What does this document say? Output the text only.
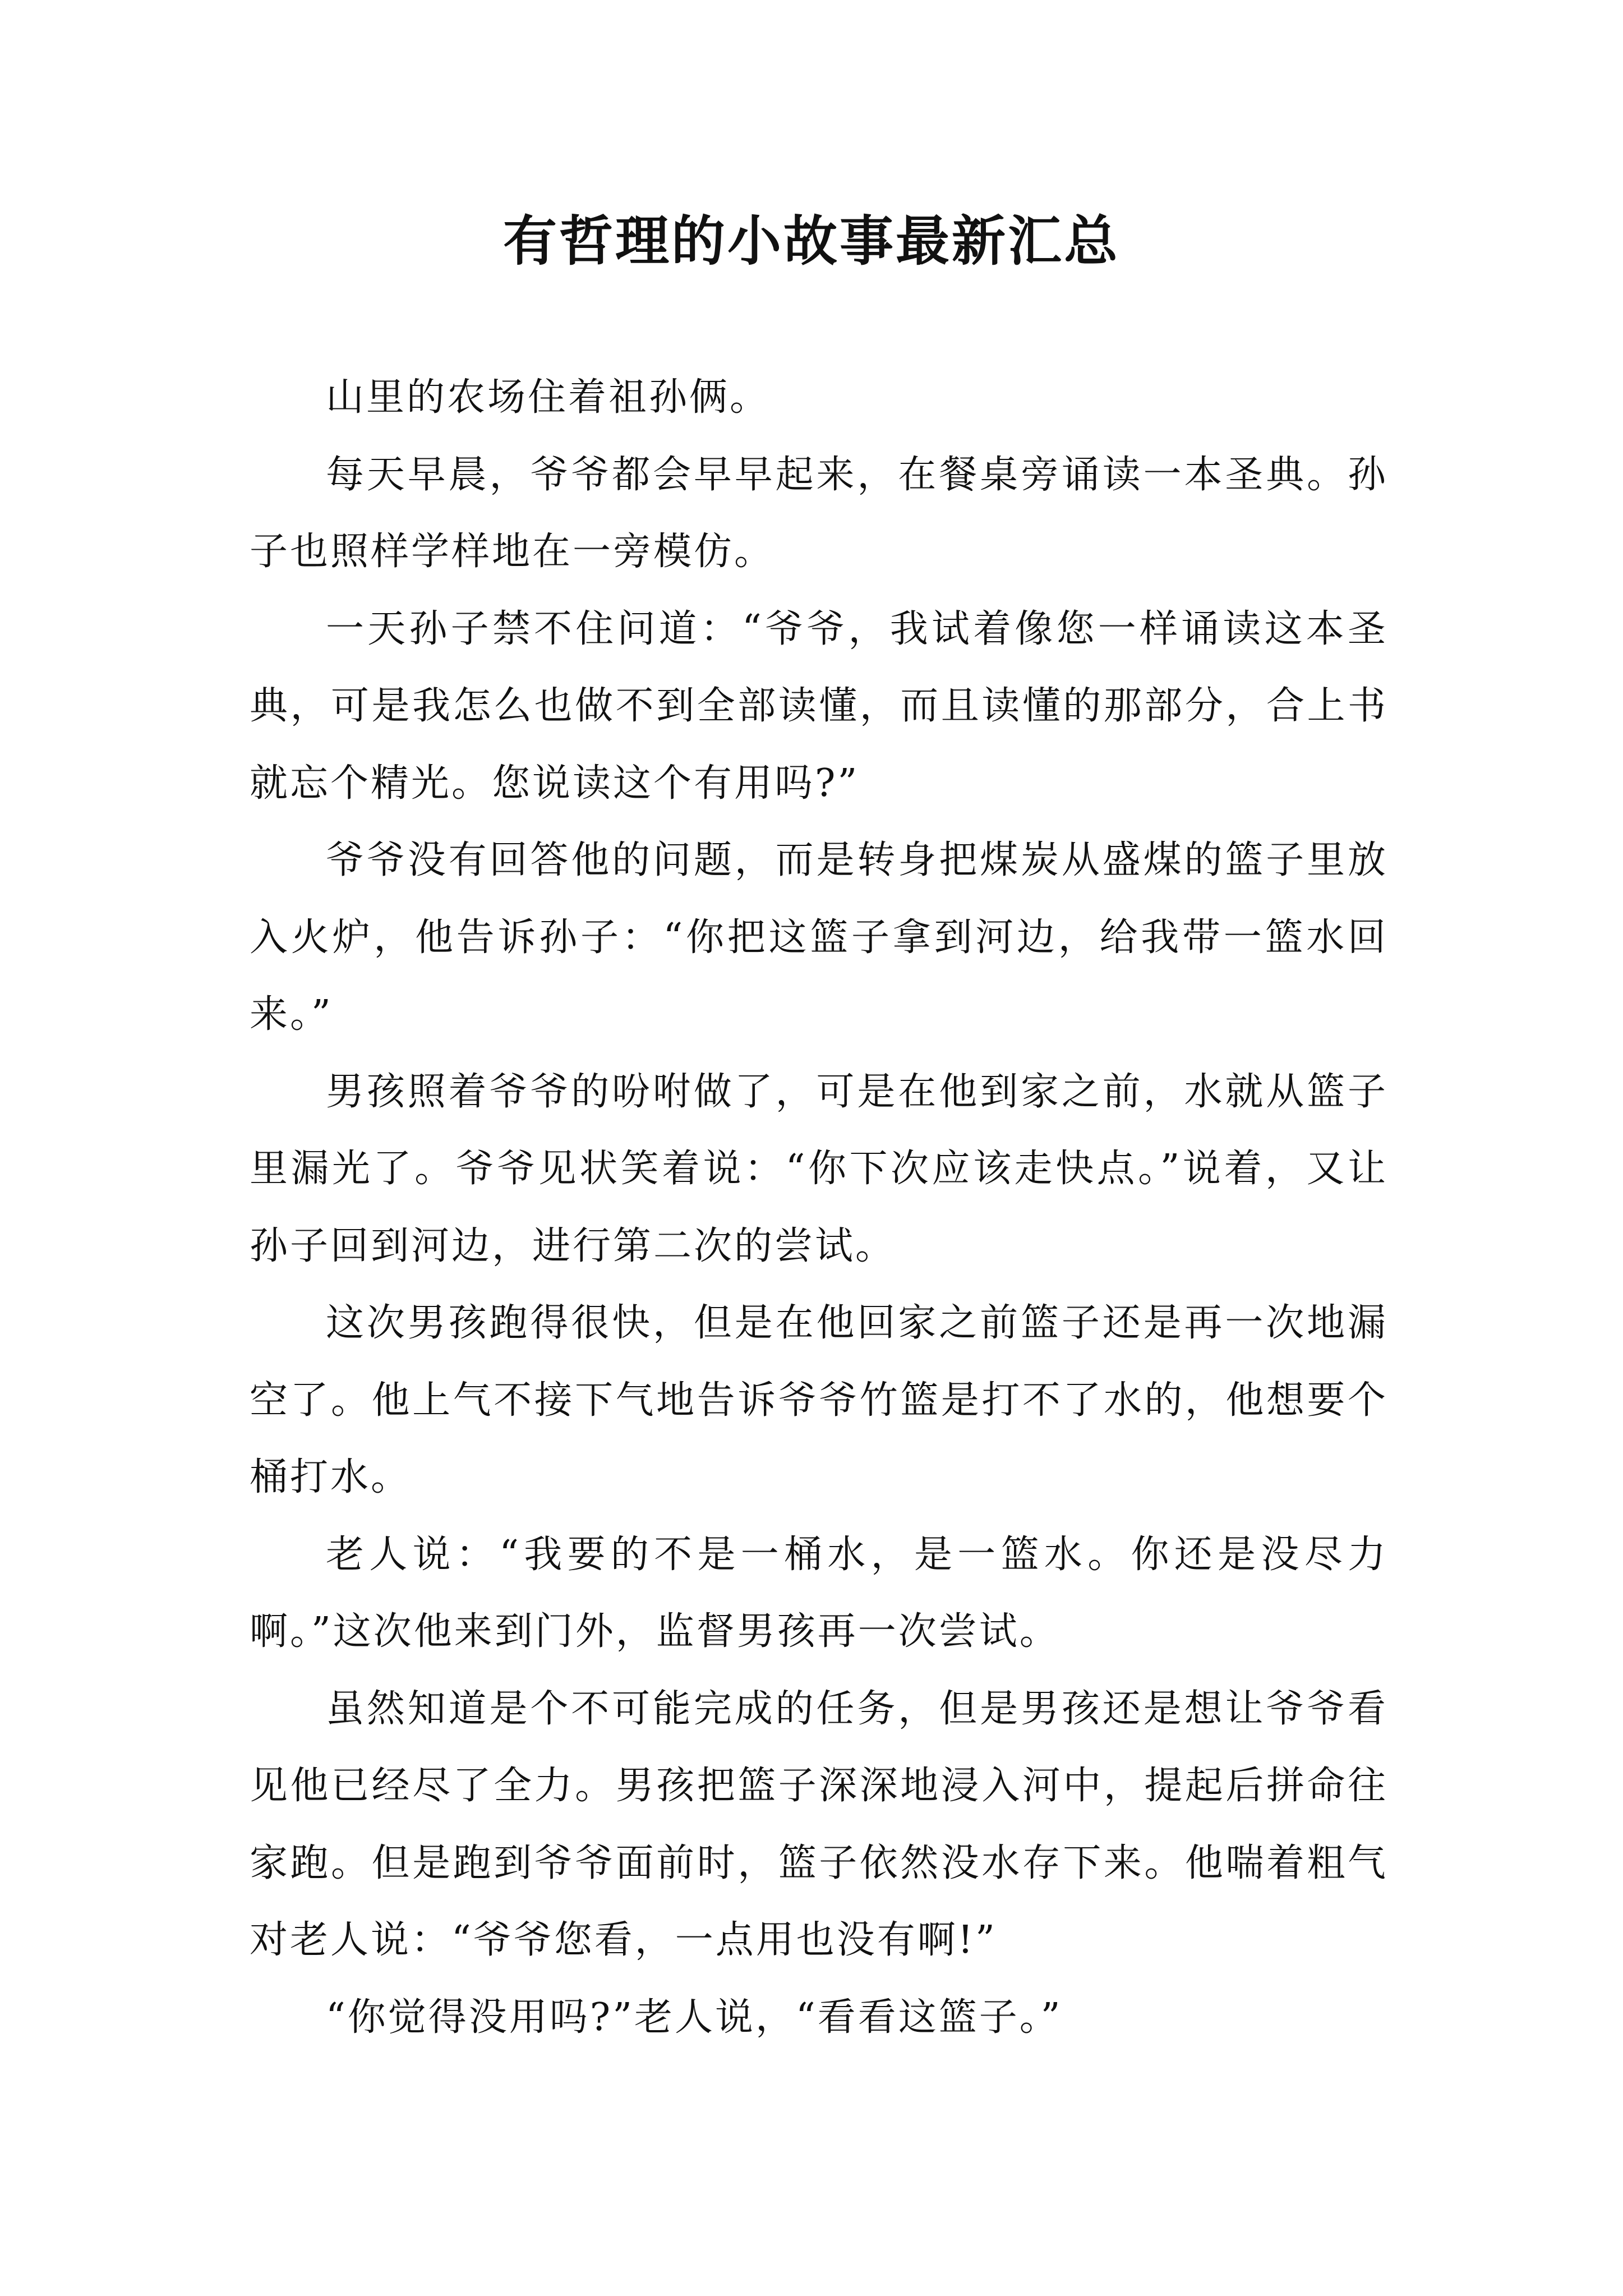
有哲理的小故事最新汇总

山里的农场住着祖孙俩。

每天早晨，爷爷都会早早起来，在餐桌旁诵读一本圣典。孙子也照样学样地在一旁模仿。

一天孙子禁不住问道：“爷爷，我试着像您一样诵读这本圣典，可是我怎么也做不到全部读懂，而且读懂的那部分，合上书就忘个精光。您说读这个有用吗?”

爷爷没有回答他的问题，而是转身把煤炭从盛煤的篮子里放入火炉，他告诉孙子：“你把这篮子拿到河边，给我带一篮水回来。”

男孩照着爷爷的吩咐做了，可是在他到家之前，水就从篮子里漏光了。爷爷见状笑着说：“你下次应该走快点。”说着，又让孙子回到河边，进行第二次的尝试。

这次男孩跑得很快，但是在他回家之前篮子还是再一次地漏空了。他上气不接下气地告诉爷爷竹篮是打不了水的，他想要个桶打水。

老人说：“我要的不是一桶水，是一篮水。你还是没尽力啊。”这次他来到门外，监督男孩再一次尝试。

虽然知道是个不可能完成的任务，但是男孩还是想让爷爷看见他已经尽了全力。男孩把篮子深深地浸入河中，提起后拼命往家跑。但是跑到爷爷面前时，篮子依然没水存下来。他喘着粗气对老人说：“爷爷您看，一点用也没有啊!”

“你觉得没用吗?”老人说，“看看这篮子。”
